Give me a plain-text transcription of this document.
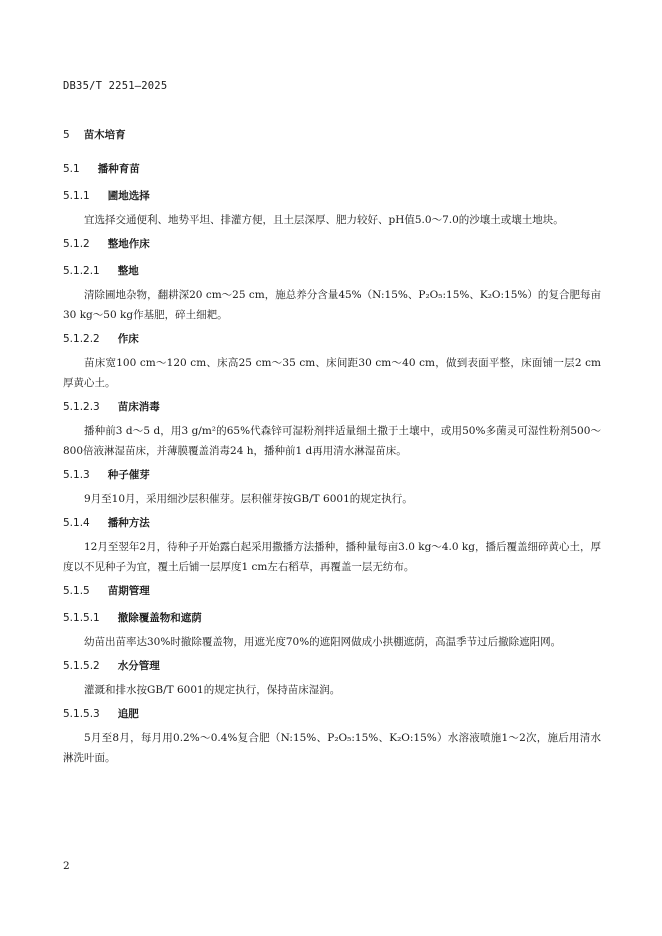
DB35/T 2251—2025

5 苗木培育

5.1 播种育苗

5.1.1 圃地选择

宜选择交通便利、地势平坦、排灌方便，且土层深厚、肥力较好、pH值5.0～7.0的沙壤土或壤土地块。

5.1.2 整地作床

5.1.2.1 整地

清除圃地杂物，翻耕深20 cm～25 cm，施总养分含量45%（N:15%、P₂O₅:15%、K₂O:15%）的复合肥每亩30 kg～50 kg作基肥，碎土细耙。

5.1.2.2 作床

苗床宽100 cm～120 cm、床高25 cm～35 cm、床间距30 cm～40 cm，做到表面平整，床面铺一层2 cm厚黄心土。

5.1.2.3 苗床消毒

播种前3 d～5 d，用3 g/m²的65%代森锌可湿粉剂拌适量细土撒于土壤中，或用50%多菌灵可湿性粉剂500～800倍液淋湿苗床，并薄膜覆盖消毒24 h，播种前1 d再用清水淋湿苗床。

5.1.3 种子催芽

9月至10月，采用细沙层积催芽。层积催芽按GB/T 6001的规定执行。

5.1.4 播种方法

12月至翌年2月，待种子开始露白起采用撒播方法播种，播种量每亩3.0 kg～4.0 kg，播后覆盖细碎黄心土，厚度以不见种子为宜，覆土后铺一层厚度1 cm左右稻草，再覆盖一层无纺布。

5.1.5 苗期管理

5.1.5.1 撤除覆盖物和遮荫

幼苗出苗率达30%时撤除覆盖物，用遮光度70%的遮阳网做成小拱棚遮荫，高温季节过后撤除遮阳网。

5.1.5.2 水分管理

灌溉和排水按GB/T 6001的规定执行，保持苗床湿润。

5.1.5.3 追肥

5月至8月，每月用0.2%～0.4%复合肥（N:15%、P₂O₅:15%、K₂O:15%）水溶液喷施1～2次，施后用清水淋洗叶面。

2
